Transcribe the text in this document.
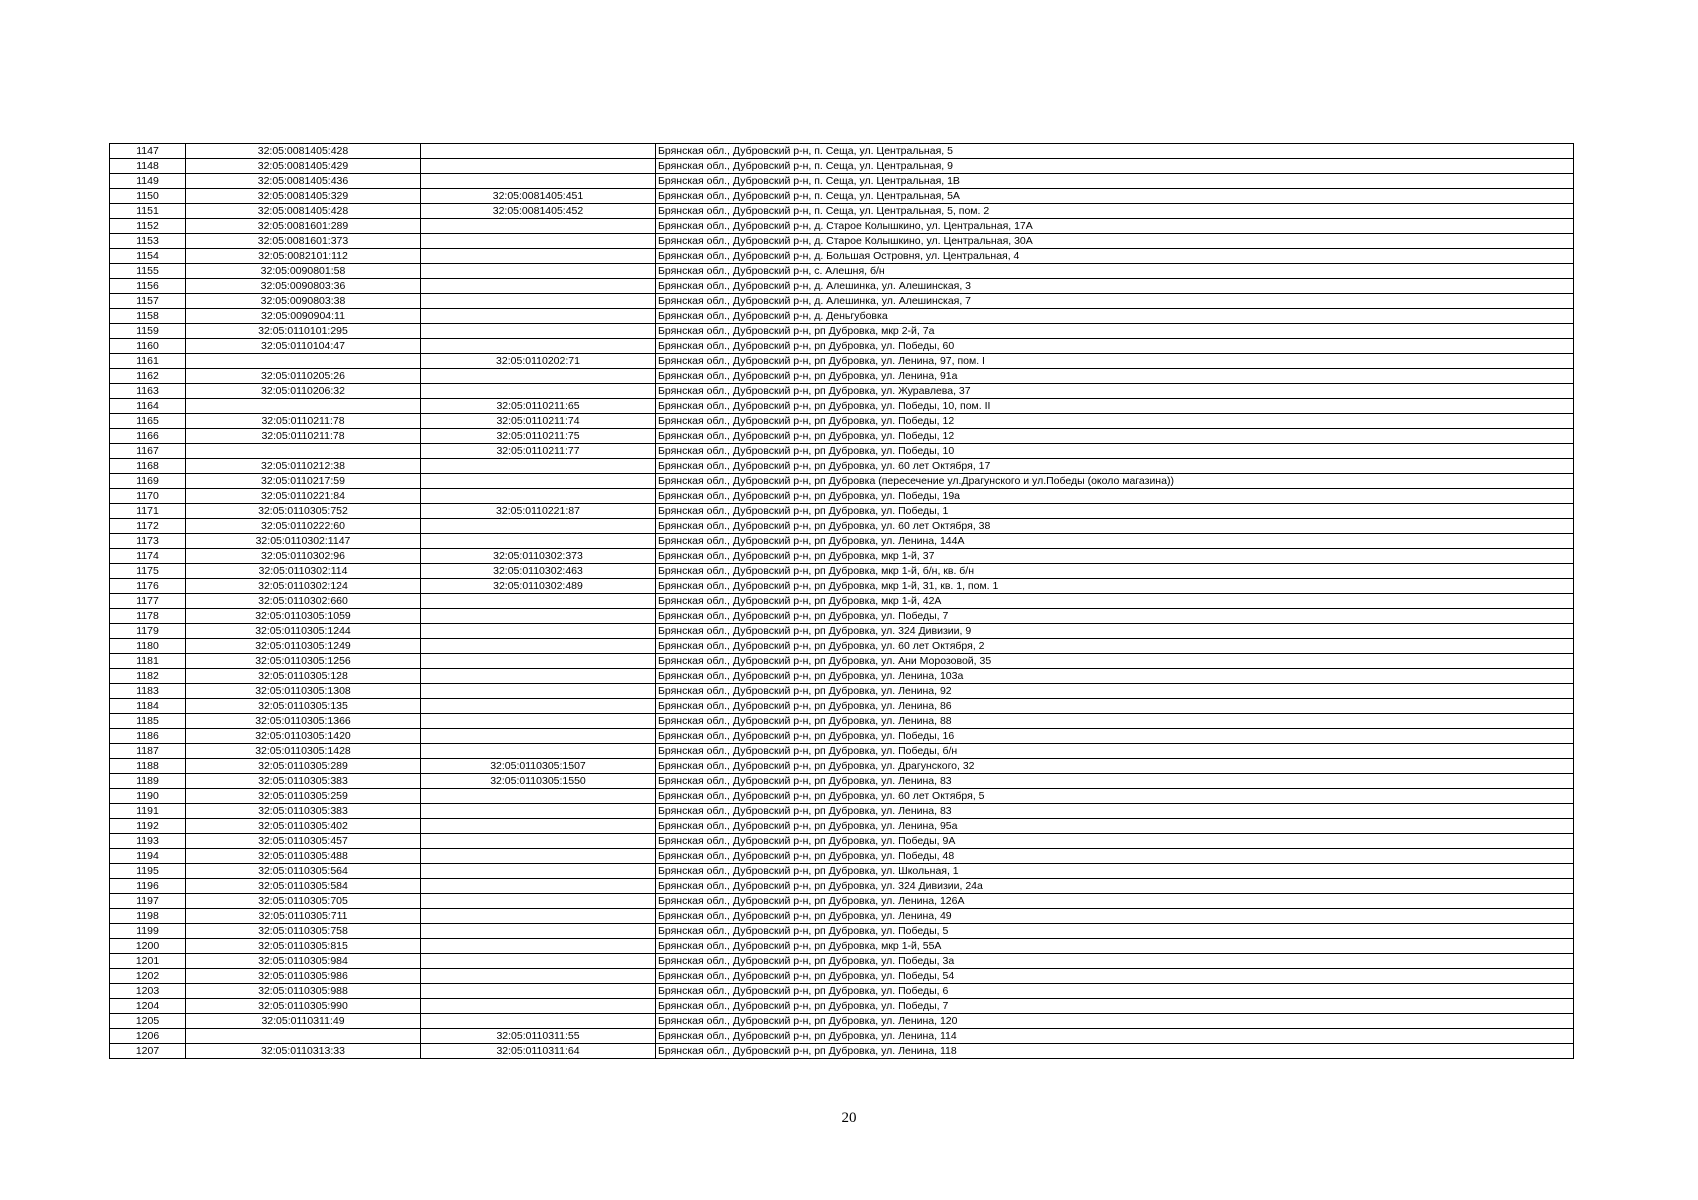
1147	32:05:0081405:428		Брянская обл., Дубровский р-н, п. Сеща, ул. Центральная, 5
1148	32:05:0081405:429		Брянская обл., Дубровский р-н, п. Сеща, ул. Центральная, 9
1149	32:05:0081405:436		Брянская обл., Дубровский р-н, п. Сеща, ул. Центральная, 1В
1150	32:05:0081405:329	32:05:0081405:451	Брянская обл., Дубровский р-н, п. Сеща, ул. Центральная, 5А
1151	32:05:0081405:428	32:05:0081405:452	Брянская обл., Дубровский р-н, п. Сеща, ул. Центральная, 5, пом. 2
1152	32:05:0081601:289		Брянская обл., Дубровский р-н, д. Старое Колышкино, ул. Центральная, 17А
1153	32:05:0081601:373		Брянская обл., Дубровский р-н, д. Старое Колышкино, ул. Центральная, 30А
1154	32:05:0082101:112		Брянская обл., Дубровский р-н, д. Большая Островня, ул. Центральная, 4
1155	32:05:0090801:58		Брянская обл., Дубровский р-н, с. Алешня, б/н
1156	32:05:0090803:36		Брянская обл., Дубровский р-н, д. Алешинка, ул. Алешинская, 3
1157	32:05:0090803:38		Брянская обл., Дубровский р-н, д. Алешинка, ул. Алешинская, 7
1158	32:05:0090904:11		Брянская обл., Дубровский р-н, д. Деньгубовка
1159	32:05:0110101:295		Брянская обл., Дубровский р-н, рп Дубровка, мкр 2-й, 7а
1160	32:05:0110104:47		Брянская обл., Дубровский р-н, рп Дубровка, ул. Победы, 60
1161		32:05:0110202:71	Брянская обл., Дубровский р-н, рп Дубровка, ул. Ленина, 97, пом. I
1162	32:05:0110205:26		Брянская обл., Дубровский р-н, рп Дубровка, ул. Ленина, 91а
1163	32:05:0110206:32		Брянская обл., Дубровский р-н, рп Дубровка, ул. Журавлева, 37
1164		32:05:0110211:65	Брянская обл., Дубровский р-н, рп Дубровка, ул. Победы, 10, пом. II
1165	32:05:0110211:78	32:05:0110211:74	Брянская обл., Дубровский р-н, рп Дубровка, ул. Победы, 12
1166	32:05:0110211:78	32:05:0110211:75	Брянская обл., Дубровский р-н, рп Дубровка, ул. Победы, 12
1167		32:05:0110211:77	Брянская обл., Дубровский р-н, рп Дубровка, ул. Победы, 10
1168	32:05:0110212:38		Брянская обл., Дубровский р-н, рп Дубровка, ул. 60 лет Октября, 17
1169	32:05:0110217:59		Брянская обл., Дубровский р-н, рп Дубровка (пересечение ул.Драгунского и ул.Победы (около магазина))
1170	32:05:0110221:84		Брянская обл., Дубровский р-н, рп Дубровка, ул. Победы, 19а
1171	32:05:0110305:752	32:05:0110221:87	Брянская обл., Дубровский р-н, рп Дубровка, ул. Победы, 1
1172	32:05:0110222:60		Брянская обл., Дубровский р-н, рп Дубровка, ул. 60 лет Октября, 38
1173	32:05:0110302:1147		Брянская обл., Дубровский р-н, рп Дубровка, ул. Ленина, 144А
1174	32:05:0110302:96	32:05:0110302:373	Брянская обл., Дубровский р-н, рп Дубровка, мкр 1-й, 37
1175	32:05:0110302:114	32:05:0110302:463	Брянская обл., Дубровский р-н, рп Дубровка, мкр 1-й, б/н, кв. б/н
1176	32:05:0110302:124	32:05:0110302:489	Брянская обл., Дубровский р-н, рп Дубровка, мкр 1-й, 31, кв. 1, пом. 1
1177	32:05:0110302:660		Брянская обл., Дубровский р-н, рп Дубровка, мкр 1-й, 42А
1178	32:05:0110305:1059		Брянская обл., Дубровский р-н, рп Дубровка, ул. Победы, 7
1179	32:05:0110305:1244		Брянская обл., Дубровский р-н, рп Дубровка, ул. 324 Дивизии, 9
1180	32:05:0110305:1249		Брянская обл., Дубровский р-н, рп Дубровка, ул. 60 лет Октября, 2
1181	32:05:0110305:1256		Брянская обл., Дубровский р-н, рп Дубровка, ул. Ани Морозовой, 35
1182	32:05:0110305:128		Брянская обл., Дубровский р-н, рп Дубровка, ул. Ленина, 103а
1183	32:05:0110305:1308		Брянская обл., Дубровский р-н, рп Дубровка, ул. Ленина, 92
1184	32:05:0110305:135		Брянская обл., Дубровский р-н, рп Дубровка, ул. Ленина, 86
1185	32:05:0110305:1366		Брянская обл., Дубровский р-н, рп Дубровка, ул. Ленина, 88
1186	32:05:0110305:1420		Брянская обл., Дубровский р-н, рп Дубровка, ул. Победы, 16
1187	32:05:0110305:1428		Брянская обл., Дубровский р-н, рп Дубровка, ул. Победы, б/н
1188	32:05:0110305:289	32:05:0110305:1507	Брянская обл., Дубровский р-н, рп Дубровка, ул. Драгунского, 32
1189	32:05:0110305:383	32:05:0110305:1550	Брянская обл., Дубровский р-н, рп Дубровка, ул. Ленина, 83
1190	32:05:0110305:259		Брянская обл., Дубровский р-н, рп Дубровка, ул. 60 лет Октября, 5
1191	32:05:0110305:383		Брянская обл., Дубровский р-н, рп Дубровка, ул. Ленина, 83
1192	32:05:0110305:402		Брянская обл., Дубровский р-н, рп Дубровка, ул. Ленина, 95а
1193	32:05:0110305:457		Брянская обл., Дубровский р-н, рп Дубровка, ул. Победы, 9А
1194	32:05:0110305:488		Брянская обл., Дубровский р-н, рп Дубровка, ул. Победы, 48
1195	32:05:0110305:564		Брянская обл., Дубровский р-н, рп Дубровка, ул. Школьная, 1
1196	32:05:0110305:584		Брянская обл., Дубровский р-н, рп Дубровка, ул. 324 Дивизии, 24а
1197	32:05:0110305:705		Брянская обл., Дубровский р-н, рп Дубровка, ул. Ленина, 126А
1198	32:05:0110305:711		Брянская обл., Дубровский р-н, рп Дубровка, ул. Ленина, 49
1199	32:05:0110305:758		Брянская обл., Дубровский р-н, рп Дубровка, ул. Победы, 5
1200	32:05:0110305:815		Брянская обл., Дубровский р-н, рп Дубровка, мкр 1-й, 55А
1201	32:05:0110305:984		Брянская обл., Дубровский р-н, рп Дубровка, ул. Победы, 3а
1202	32:05:0110305:986		Брянская обл., Дубровский р-н, рп Дубровка, ул. Победы, 54
1203	32:05:0110305:988		Брянская обл., Дубровский р-н, рп Дубровка, ул. Победы, 6
1204	32:05:0110305:990		Брянская обл., Дубровский р-н, рп Дубровка, ул. Победы, 7
1205	32:05:0110311:49		Брянская обл., Дубровский р-н, рп Дубровка, ул. Ленина, 120
1206		32:05:0110311:55	Брянская обл., Дубровский р-н, рп Дубровка, ул. Ленина, 114
1207	32:05:0110313:33	32:05:0110311:64	Брянская обл., Дубровский р-н, рп Дубровка, ул. Ленина, 118
20
